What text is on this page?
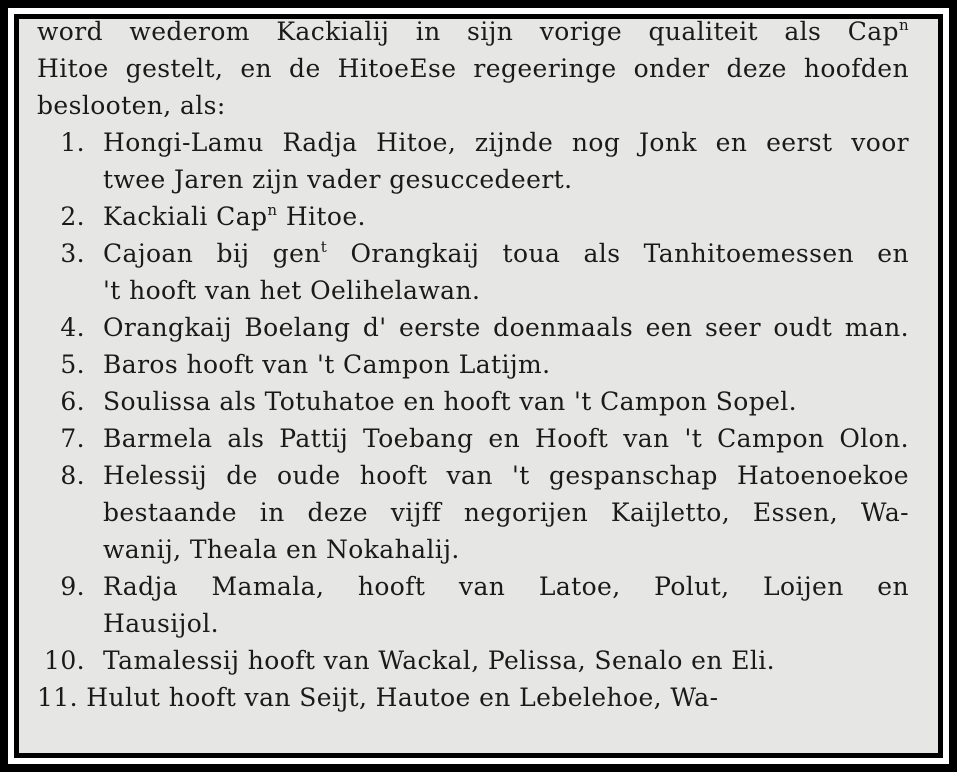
word wederom Kackialij in sijn vorige qualiteit als Cap$^n$
Hitoe gestelt, en de HitoeEse regeeringe onder deze hoofden
beslooten, als:
1. Hongi-Lamu Radja Hitoe, zijnde nog Jonk en eerst voor
twee Jaren zijn vader gesuccedeert.
2. Kackiali Cap$^n$ Hitoe.
3. Cajoan bij gen$^t$ Orangkaij toua als Tanhitoemessen en
't hooft van het Oelihelawan.
4. Orangkaij Boelang d' eerste doenmaals een seer oudt man.
5. Baros hooft van 't Campon Latijm.
6. Soulissa als Totuhatoe en hooft van 't Campon Sopel.
7. Barmela als Pattij Toebang en Hooft van 't Campon Olon.
8. Helessij de oude hooft van 't gespanschap Hatoenoekoe
bestaande in deze vijff negorijen Kaijletto, Essen, Wa-
wanij, Theala en Nokahalij.
9. Radja Mamala, hooft van Latoe, Polut, Loijen en
Hausijol.
10. Tamalessij hooft van Wackal, Pelissa, Senalo en Eli.
11. Hulut hooft van Seijt, Hautoe en Lebelehoe, Wa-
